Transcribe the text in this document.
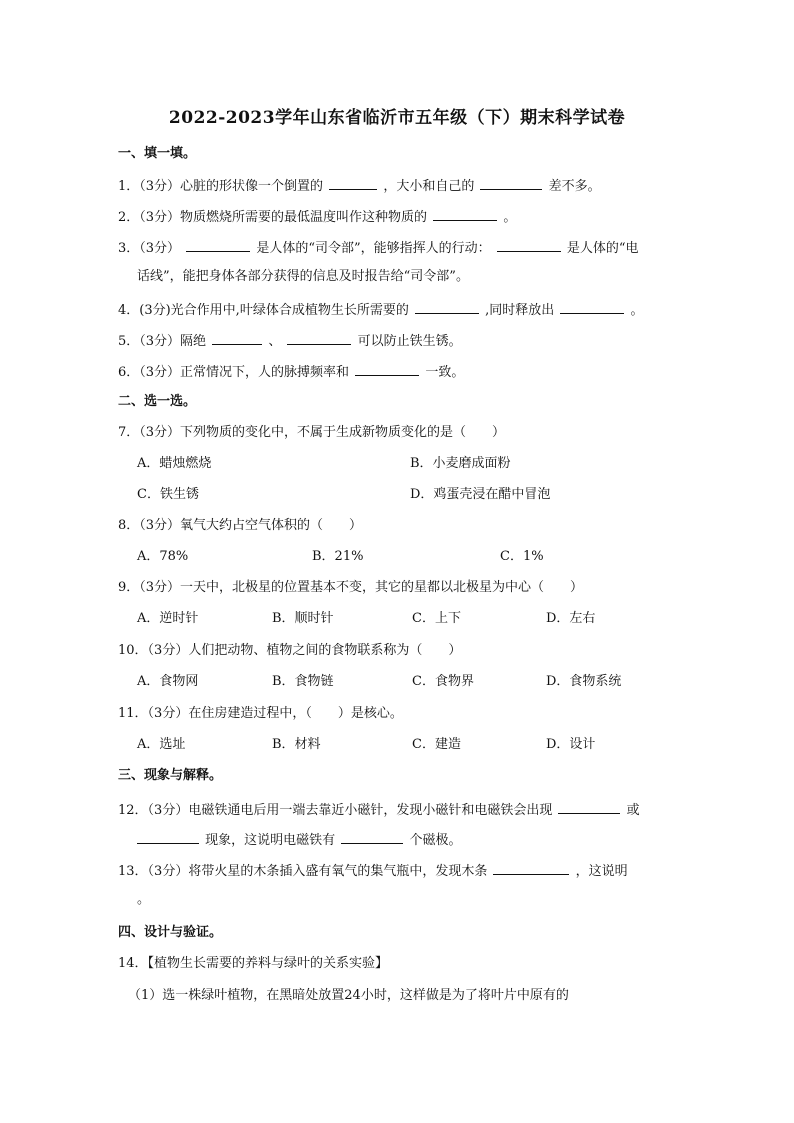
2022-2023学年山东省临沂市五年级（下）期末科学试卷
一、填一填。
1．（3分）心脏的形状像一个倒置的	，大小和自己的	差不多。
2．（3分）物质燃烧所需要的最低温度叫作这种物质的	。
3．（3分）	是人体的“司令部”，能够指挥人的行动：	是人体的“电
话线”，能把身体各部分获得的信息及时报告给“司令部”。
4．(3分)光合作用中,叶绿体合成植物生长所需要的	,同时释放出	。
5．（3分）隔绝	、	可以防止铁生锈。
6．（3分）正常情况下，人的脉搏频率和	一致。
二、选一选。
7．（3分）下列物质的变化中，不属于生成新物质变化的是（　　）
A．蜡烛燃烧	B．小麦磨成面粉
C．铁生锈	D．鸡蛋壳浸在醋中冒泡
8．（3分）氧气大约占空气体积的（　　）
A．78%	B．21%	C．1%
9．（3分）一天中，北极星的位置基本不变，其它的星都以北极星为中心（　　）
A．逆时针	B．顺时针	C．上下	D．左右
10．（3分）人们把动物、植物之间的食物联系称为（　　）
A．食物网	B．食物链	C．食物界	D．食物系统
11．（3分）在住房建造过程中，（　　）是核心。
A．选址	B．材料	C．建造	D．设计
三、现象与解释。
12．（3分）电磁铁通电后用一端去靠近小磁针，发现小磁针和电磁铁会出现	或
现象，这说明电磁铁有	个磁极。
13．（3分）将带火星的木条插入盛有氧气的集气瓶中，发现木条	，这说明
。
四、设计与验证。
14．【植物生长需要的养料与绿叶的关系实验】
（1）选一株绿叶植物，在黑暗处放置24小时，这样做是为了将叶片中原有的
